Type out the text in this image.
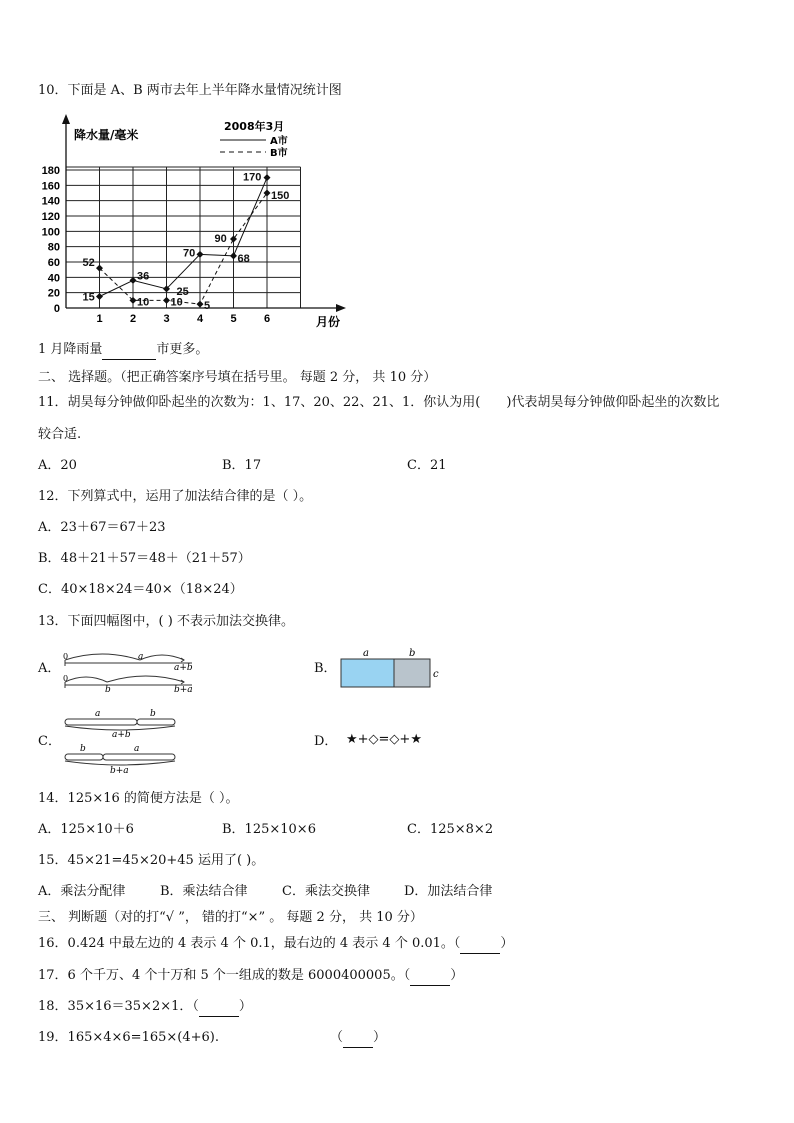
10．下面是 A、B 两市去年上半年降水量情况统计图
0
20
40
60
80
100
120
140
160
180
1 2 3 4 5 6
降水量/毫米
月份
2008年3月
A市
B市
15
36
25
70	68
170
52
10 10 5
90
150
1 月降雨量	市更多。
二、 选择题。（把正确答案序号填在括号里。 每题 2 分， 共 10 分）
11．胡昊每分钟做仰卧起坐的次数为：1、17、20、22、21、1．你认为用( )代表胡昊每分钟做仰卧起坐的次数比
较合适.
A．20	B．17	C．21
12．下列算式中，运用了加法结合律的是（ ）。
A．23＋67＝67＋23
B．48＋21＋57＝48＋（21＋57）
C．40×18×24＝40×（18×24）
13．下面四幅图中，( ) 不表示加法交换律。
A．
0	a
a+b
0
b	b+a
B．
a	b
c
C．
a	b
a+b
b	a
b+a
D． ★+◇=◇+★
14．125×16 的简便方法是（ ）。
A．125×10＋6	B．125×10×6	C．125×8×2
15．45×21=45×20+45 运用了( )。
A．乘法分配律	B．乘法结合律	C．乘法交换律	D．加法结合律
三、 判断题（对的打“√ ”， 错的打“×” 。 每题 2 分， 共 10 分）
16．0.424 中最左边的 4 表示 4 个 0.1，最右边的 4 表示 4 个 0.01。（	）
17．6 个千万、4 个十万和 5 个一组成的数是 6000400005。（	）
18．35×16＝35×2×1．（	）
19．165×4×6=165×(4+6).	（ ）
